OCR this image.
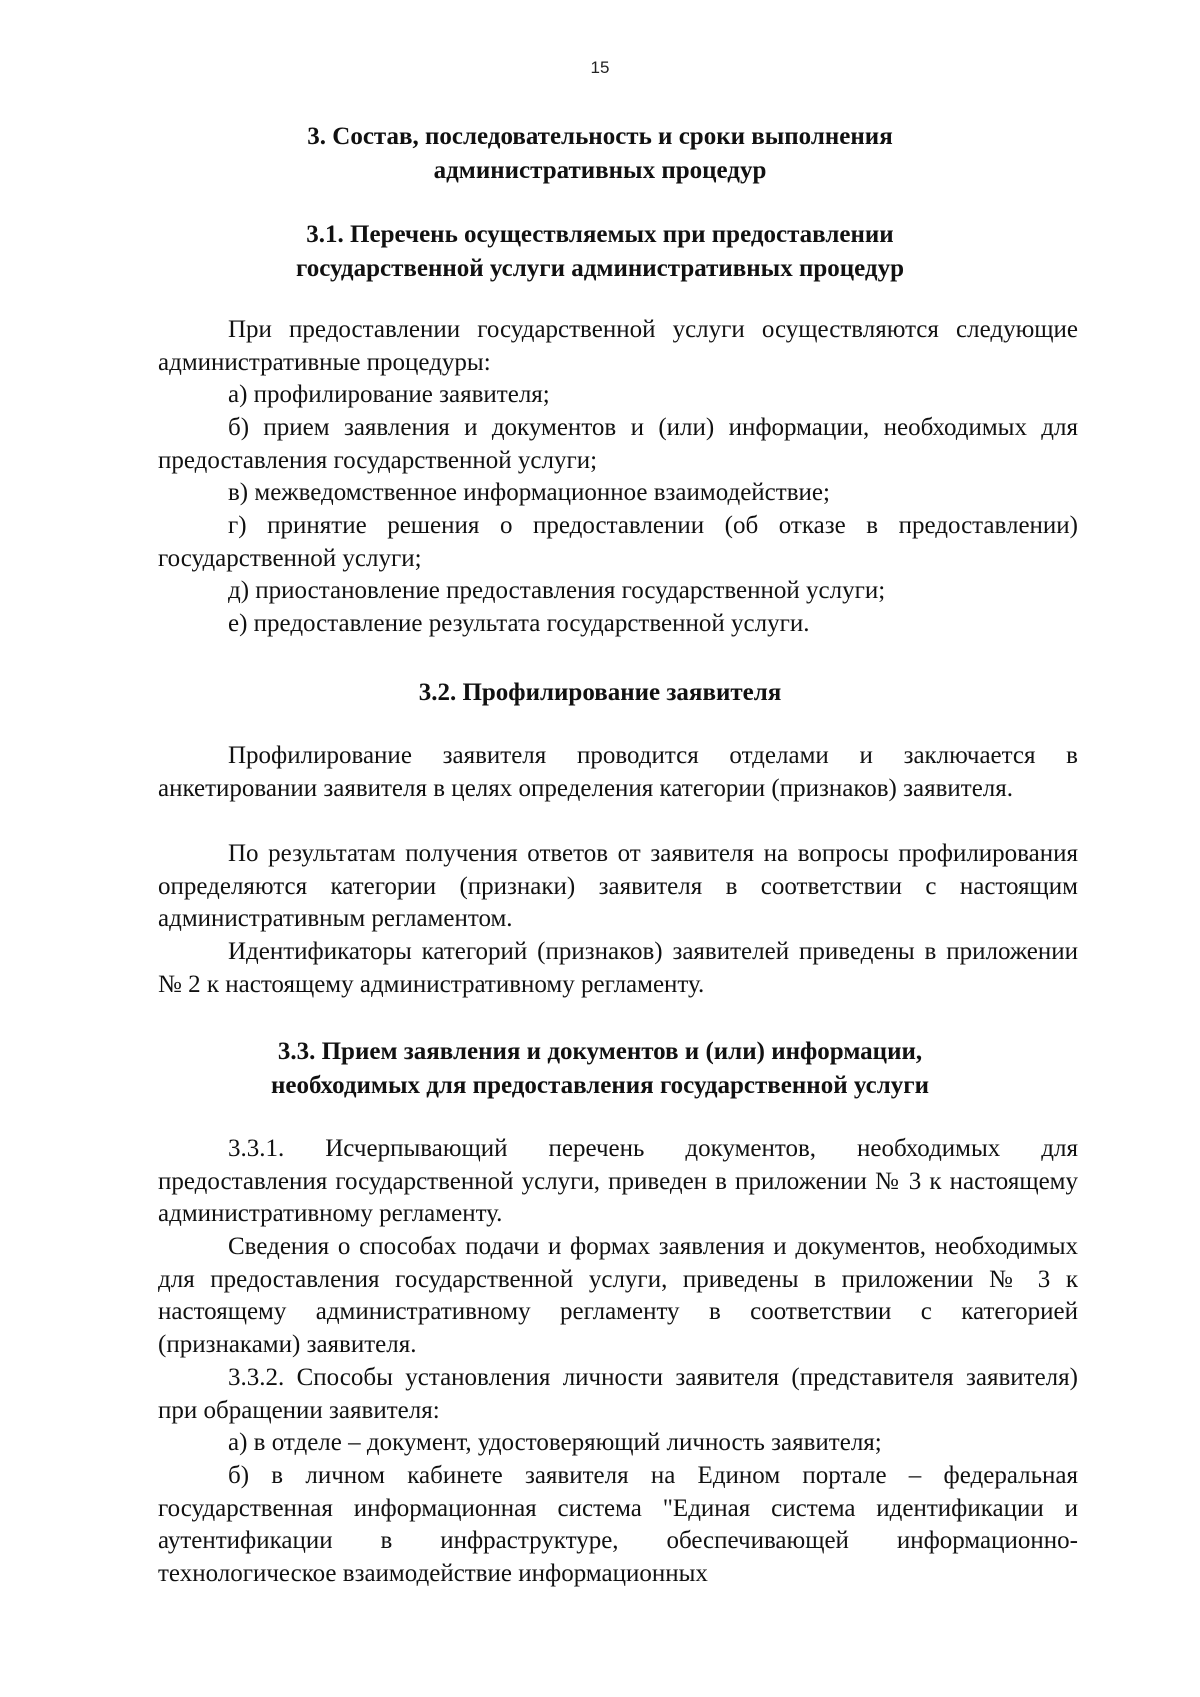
15
3. Состав, последовательность и сроки выполнения
административных процедур
3.1. Перечень осуществляемых при предоставлении
государственной услуги административных процедур
При предоставлении государственной услуги осуществляются следующие административные процедуры:
а) профилирование заявителя;
б) прием заявления и документов и (или) информации, необходимых для предоставления государственной услуги;
в) межведомственное информационное взаимодействие;
г) принятие решения о предоставлении (об отказе в предоставлении) государственной услуги;
д) приостановление предоставления государственной услуги;
е) предоставление результата государственной услуги.
3.2. Профилирование заявителя
Профилирование заявителя проводится отделами и заключается в анкетировании заявителя в целях определения категории (признаков) заявителя.
По результатам получения ответов от заявителя на вопросы профилирования определяются категории (признаки) заявителя в соответствии с настоящим административным регламентом.
Идентификаторы категорий (признаков) заявителей приведены в приложении № 2 к настоящему административному регламенту.
3.3. Прием заявления и документов и (или) информации,
необходимых для предоставления государственной услуги
3.3.1. Исчерпывающий перечень документов, необходимых для предоставления государственной услуги, приведен в приложении № 3 к настоящему административному регламенту.
Сведения о способах подачи и формах заявления и документов, необходимых для предоставления государственной услуги, приведены в приложении № 3 к настоящему административному регламенту в соответствии с категорией (признаками) заявителя.
3.3.2. Способы установления личности заявителя (представителя заявителя) при обращении заявителя:
а) в отделе – документ, удостоверяющий личность заявителя;
б) в личном кабинете заявителя на Едином портале – федеральная государственная информационная система "Единая система идентификации и аутентификации в инфраструктуре, обеспечивающей информационно-технологическое взаимодействие информационных
